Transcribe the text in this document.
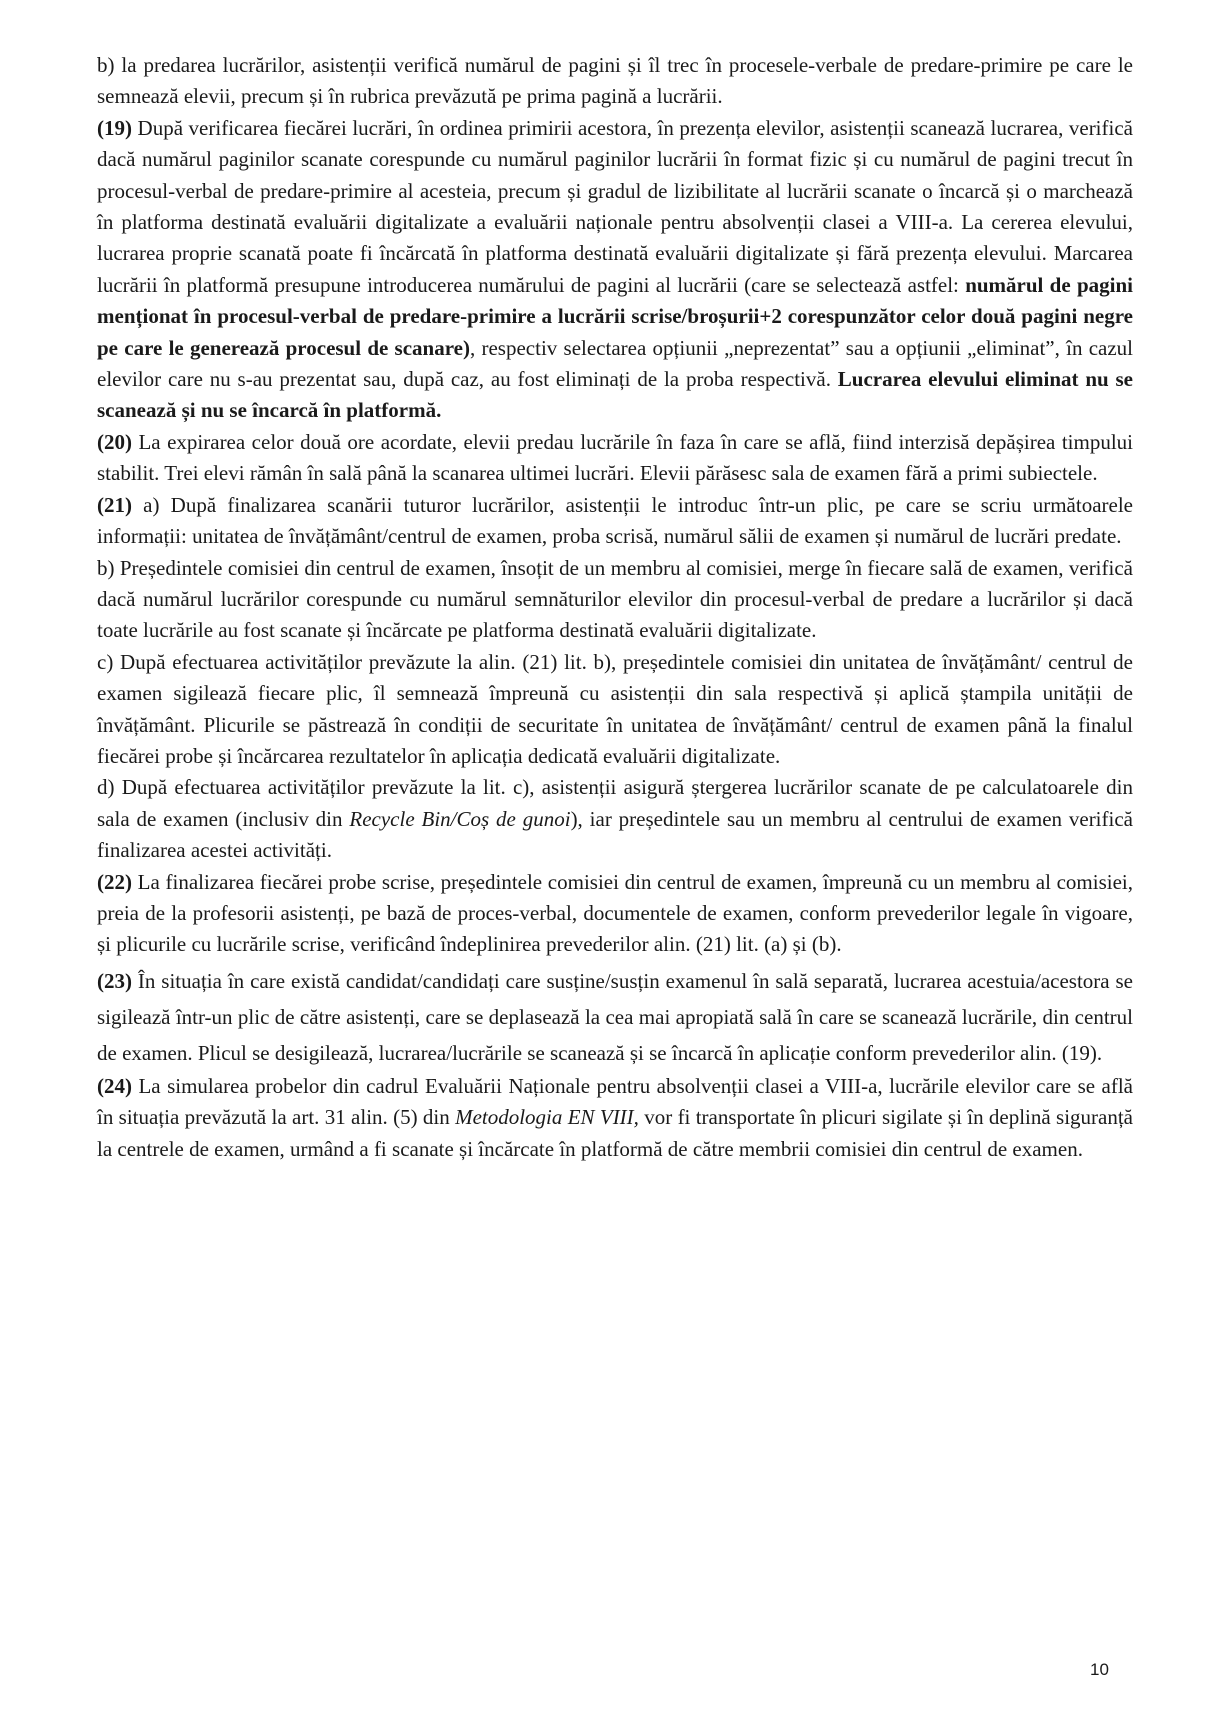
b) la predarea lucrărilor, asistenții verifică numărul de pagini și îl trec în procesele-verbale de predare-primire pe care le semnează elevii, precum și în rubrica prevăzută pe prima pagină a lucrării.

(19) După verificarea fiecărei lucrări, în ordinea primirii acestora, în prezența elevilor, asistenții scanează lucrarea, verifică dacă numărul paginilor scanate corespunde cu numărul paginilor lucrării în format fizic și cu numărul de pagini trecut în procesul-verbal de predare-primire al acesteia, precum și gradul de lizibilitate al lucrării scanate o încarcă și o marchează în platforma destinată evaluării digitalizate a evaluării naționale pentru absolvenții clasei a VIII-a. La cererea elevului, lucrarea proprie scanată poate fi încărcată în platforma destinată evaluării digitalizate și fără prezența elevului. Marcarea lucrării în platformă presupune introducerea numărului de pagini al lucrării (care se selectează astfel: numărul de pagini menționat în procesul-verbal de predare-primire a lucrării scrise/broșurii+2 corespunzător celor două pagini negre pe care le generează procesul de scanare), respectiv selectarea opțiunii „neprezentat” sau a opțiunii „eliminat”, în cazul elevilor care nu s-au prezentat sau, după caz, au fost eliminați de la proba respectivă. Lucrarea elevului eliminat nu se scanează și nu se încarcă în platformă.

(20) La expirarea celor două ore acordate, elevii predau lucrările în faza în care se află, fiind interzisă depășirea timpului stabilit. Trei elevi rămân în sală până la scanarea ultimei lucrări. Elevii părăsesc sala de examen fără a primi subiectele.

(21) a) După finalizarea scanării tuturor lucrărilor, asistenții le introduc într-un plic, pe care se scriu următoarele informații: unitatea de învățământ/centrul de examen, proba scrisă, numărul sălii de examen și numărul de lucrări predate.

b) Președintele comisiei din centrul de examen, însoțit de un membru al comisiei, merge în fiecare sală de examen, verifică dacă numărul lucrărilor corespunde cu numărul semnăturilor elevilor din procesul-verbal de predare a lucrărilor și dacă toate lucrările au fost scanate și încărcate pe platforma destinată evaluării digitalizate.

c) După efectuarea activităților prevăzute la alin. (21) lit. b), președintele comisiei din unitatea de învățământ/ centrul de examen sigilează fiecare plic, îl semnează împreună cu asistenții din sala respectivă și aplică ștampila unității de învățământ. Plicurile se păstrează în condiții de securitate în unitatea de învățământ/ centrul de examen până la finalul fiecărei probe și încărcarea rezultatelor în aplicația dedicată evaluării digitalizate.

d) După efectuarea activităților prevăzute la lit. c), asistenții asigură ștergerea lucrărilor scanate de pe calculatoarele din sala de examen (inclusiv din Recycle Bin/Coș de gunoi), iar președintele sau un membru al centrului de examen verifică finalizarea acestei activități.

(22) La finalizarea fiecărei probe scrise, președintele comisiei din centrul de examen, împreună cu un membru al comisiei, preia de la profesorii asistenți, pe bază de proces-verbal, documentele de examen, conform prevederilor legale în vigoare, și plicurile cu lucrările scrise, verificând îndeplinirea prevederilor alin. (21) lit. (a) și (b).

(23) În situația în care există candidat/candidați care susține/susțin examenul în sală separată, lucrarea acestuia/acestora se sigilează într-un plic de către asistenți, care se deplasează la cea mai apropiată sală în care se scanează lucrările, din centrul de examen. Plicul se desigilează, lucrarea/lucrările se scanează și se încarcă în aplicație conform prevederilor alin. (19).

(24) La simularea probelor din cadrul Evaluării Naționale pentru absolvenții clasei a VIII-a, lucrările elevilor care se află în situația prevăzută la art. 31 alin. (5) din Metodologia EN VIII, vor fi transportate în plicuri sigilate și în deplină siguranță la centrele de examen, urmând a fi scanate și încărcate în platformă de către membrii comisiei din centrul de examen.

10
